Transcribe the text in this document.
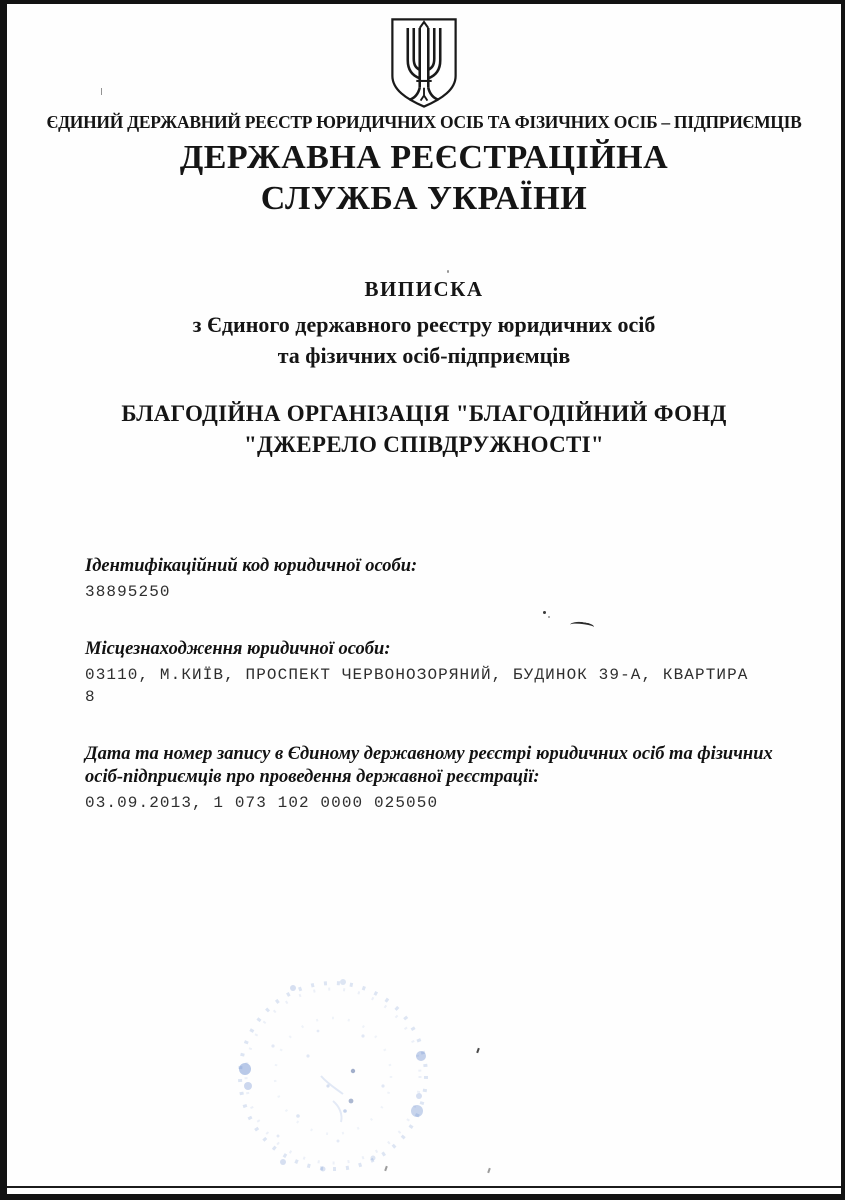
ЄДИНИЙ ДЕРЖАВНИЙ РЕЄСТР ЮРИДИЧНИХ ОСІБ ТА ФІЗИЧНИХ ОСІБ – ПІДПРИЄМЦІВ
ДЕРЖАВНА РЕЄСТРАЦІЙНА
СЛУЖБА УКРАЇНИ
ВИПИСКА
з Єдиного державного реєстру юридичних осіб
та фізичних осіб-підприємців
БЛАГОДІЙНА ОРГАНІЗАЦІЯ "БЛАГОДІЙНИЙ ФОНД
"ДЖЕРЕЛО СПІВДРУЖНОСТІ"
Ідентифікаційний код юридичної особи:
38895250
Місцезнаходження юридичної особи:
03110, М.КИЇВ, ПРОСПЕКТ ЧЕРВОНОЗОРЯНИЙ, БУДИНОК 39-А, КВАРТИРА 8
Дата та номер запису в Єдиному державному реєстрі юридичних осіб та фізичних осіб-підприємців про проведення державної реєстрації:
03.09.2013, 1 073 102 0000 025050
